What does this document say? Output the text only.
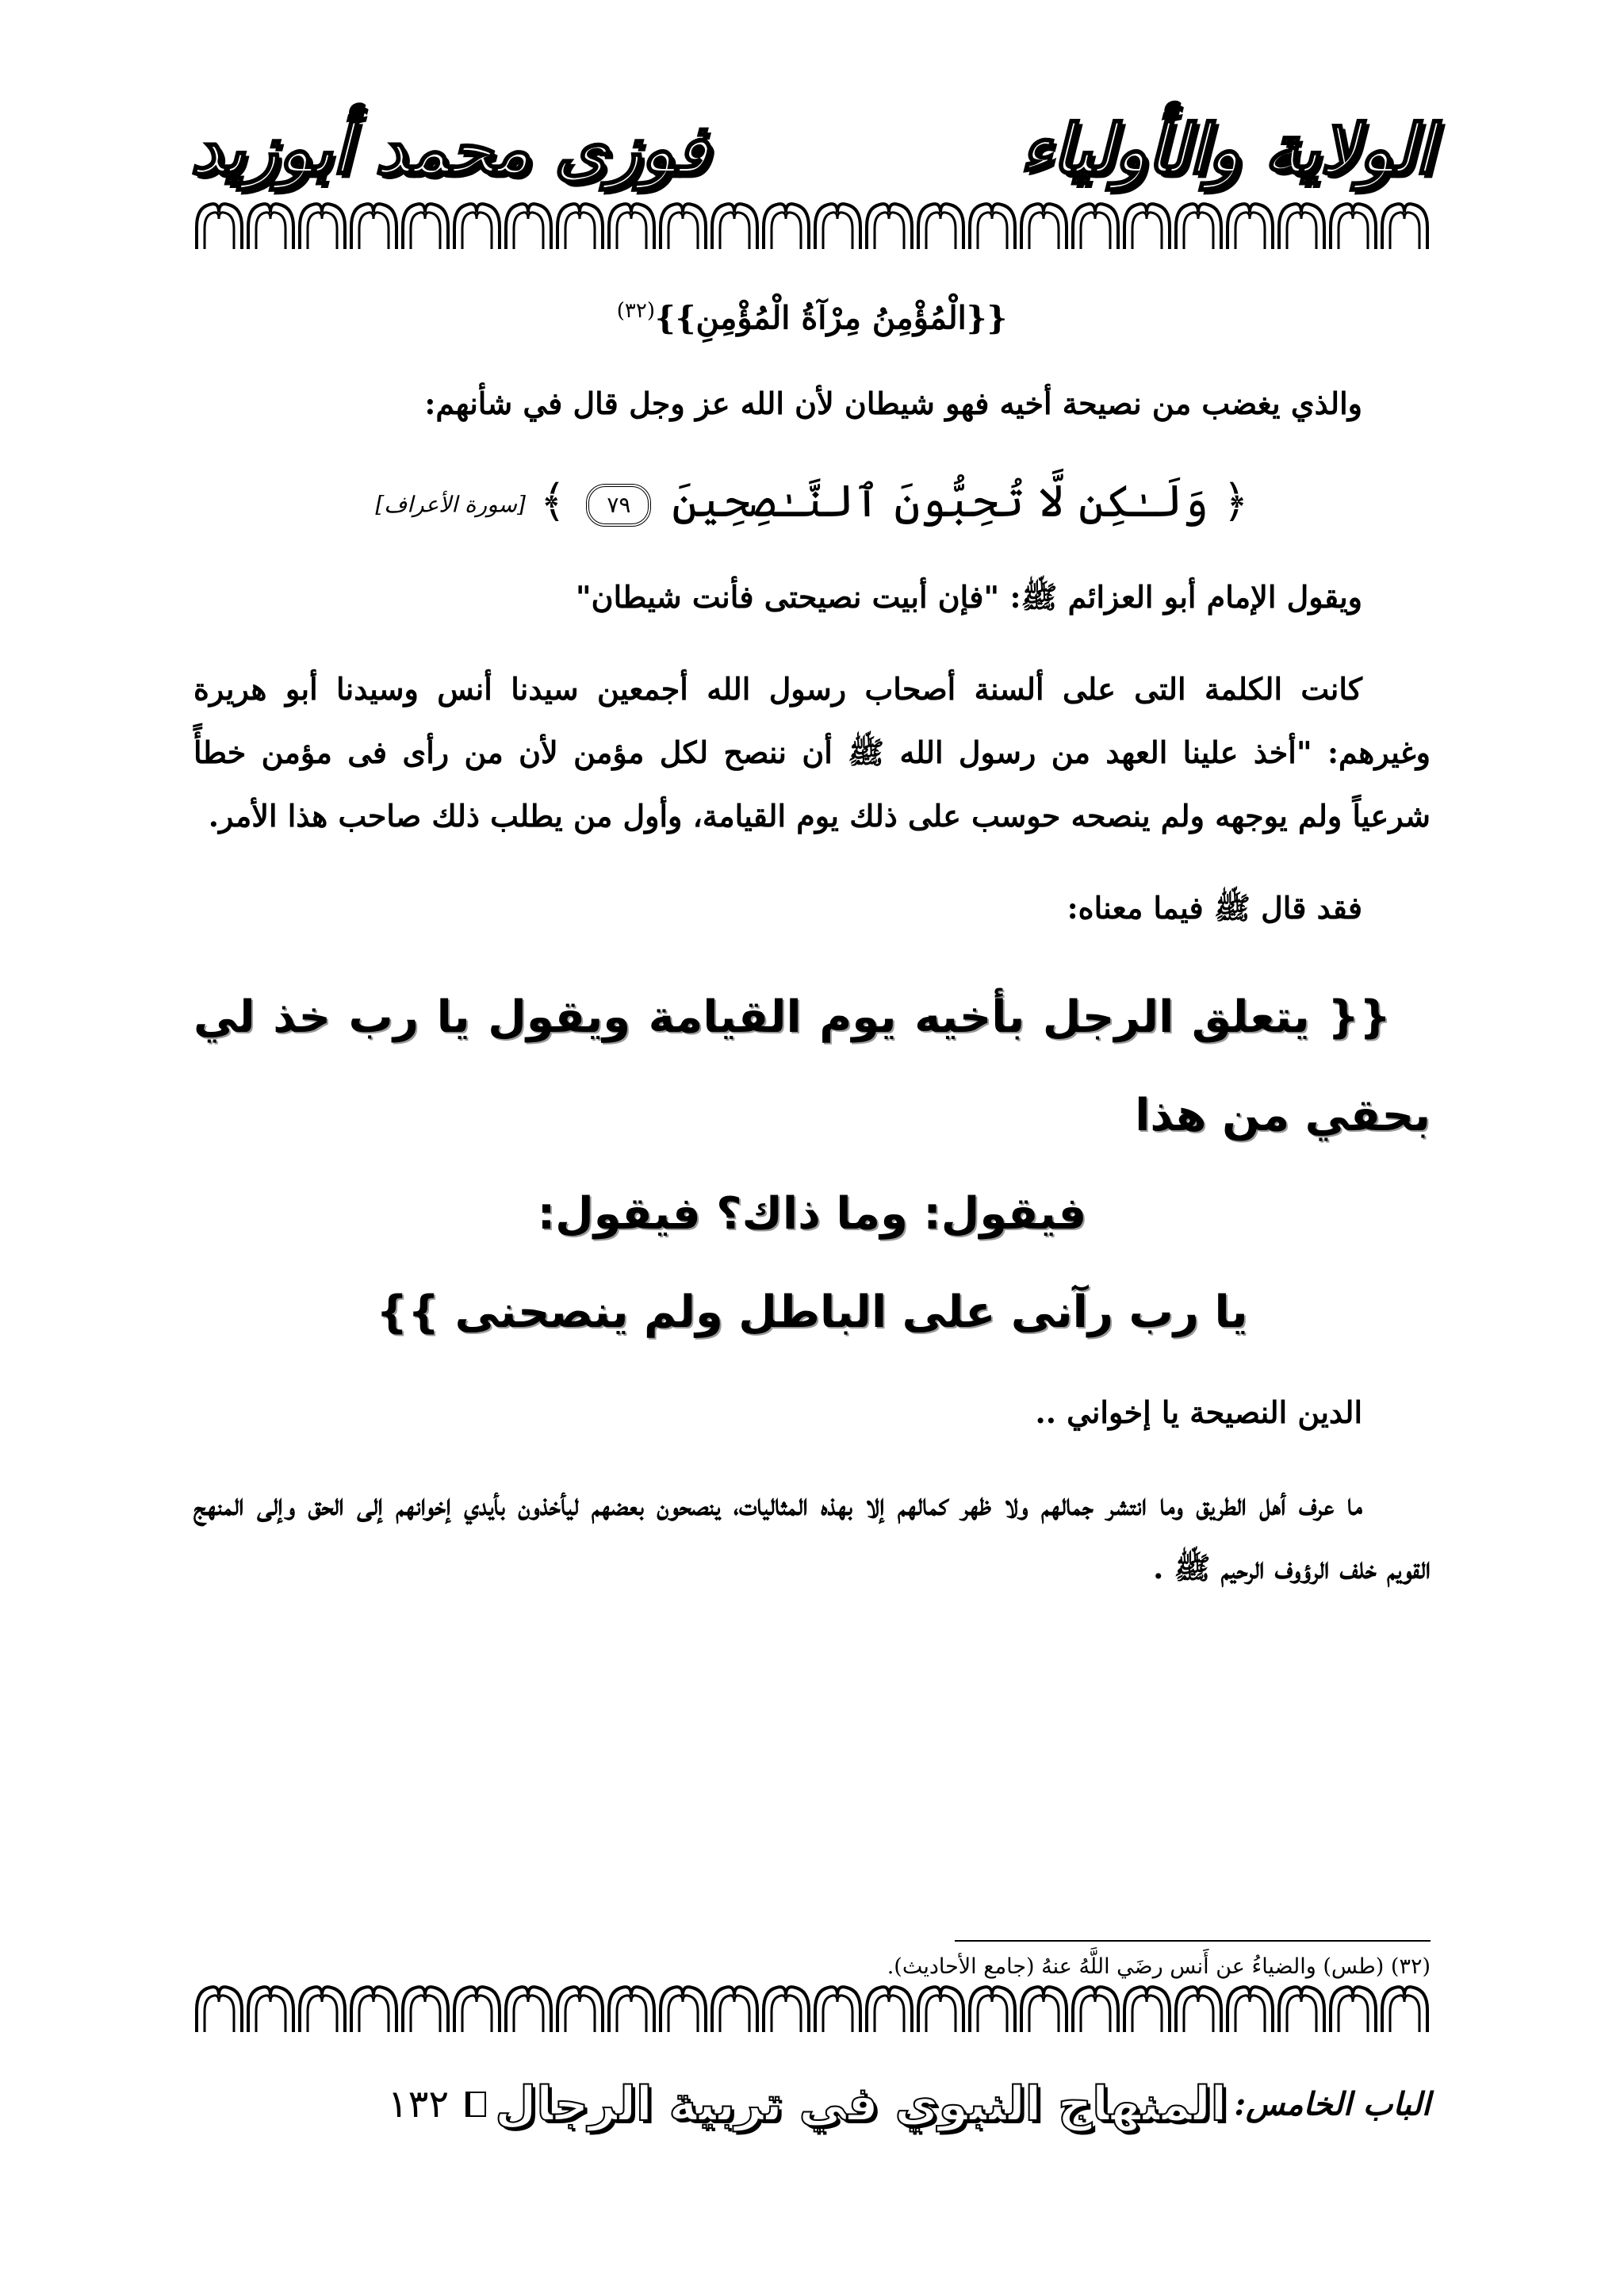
الولاية والأولياء
فوزى محمد أبوزيد
{{الْمُؤْمِنُ مِرْآةُ الْمُؤْمِنِ}}$^{(٣٢)}$

والذي يغضب من نصيحة أخيه فهو شيطان لأن الله عز وجل قال في شأنهم:

﴿ وَلَـٰكِن لَّا تُحِبُّونَ ٱلنَّـٰصِحِينَ ٧٩ ﴾ [سورة الأعراف]

ويقول الإمام أبو العزائم ﷺ: "فإن أبيت نصيحتى فأنت شيطان"

كانت الكلمة التى على ألسنة أصحاب رسول الله أجمعين سيدنا أنس وسيدنا أبو هريرة وغيرهم: "أخذ علينا العهد من رسول الله ﷺ أن ننصح لكل مؤمن لأن من رأى فى مؤمن خطأً شرعياً ولم يوجهه ولم ينصحه حوسب على ذلك يوم القيامة، وأول من يطلب ذلك صاحب هذا الأمر.

فقد قال ﷺ فيما معناه:

{{ يتعلق الرجل بأخيه يوم القيامة ويقول يا رب خذ لي بحقي من هذا
فيقول: وما ذاك؟ فيقول:
يا رب رآنى على الباطل ولم ينصحنى }}

الدين النصيحة يا إخواني ..

ما عرف أهل الطريق وما انتشر جمالهم ولا ظهر كمالهم إلا بهذه المثاليات، ينصحون بعضهم ليأخذون بأيدي إخوانهم إلى الحق وإلى المنهج القويم خلف الرؤوف الرحيم ﷺ .

(٣٢) (طس) والضياءُ عن أَنس رضَي اللَّهُ عنهُ (جامع الأحاديث).
الباب الخامس: المنهاج النبوي في تربية الرجال  ١٣٢
